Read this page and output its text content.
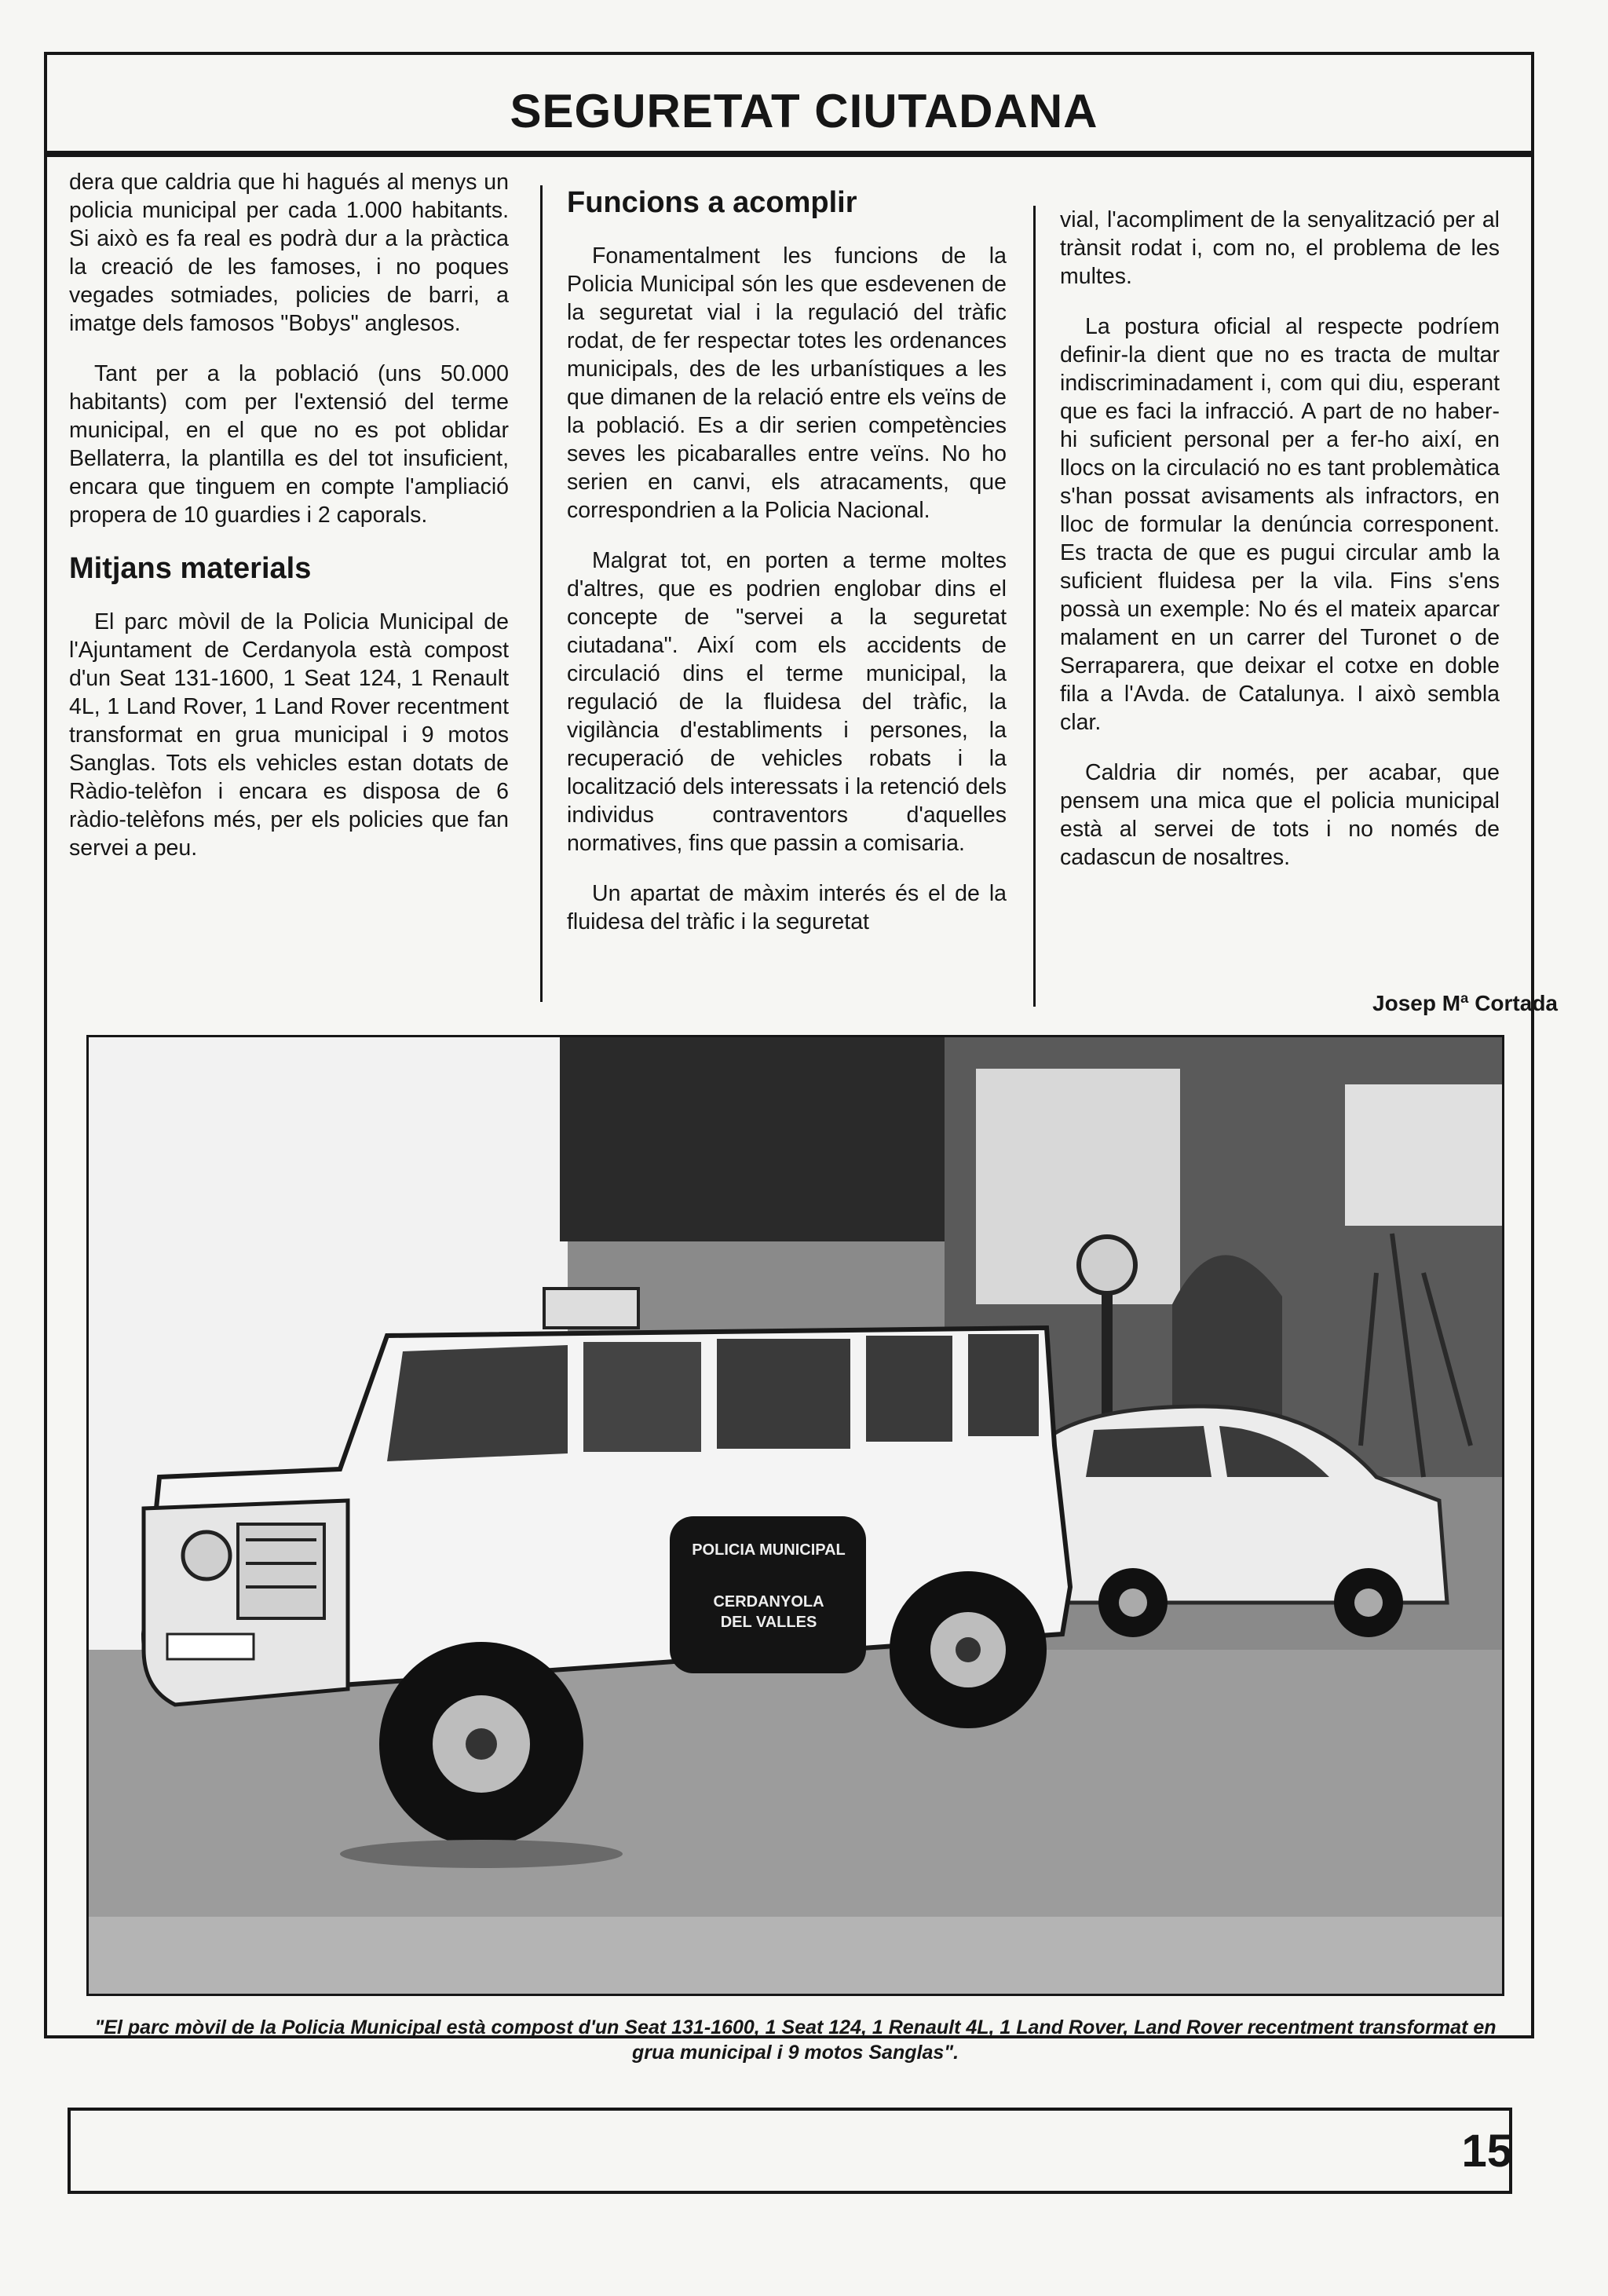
SEGURETAT CIUTADANA

dera que caldria que hi hagués al menys un policia municipal per cada 1.000 habitants. Si això es fa real es podrà dur a la pràctica la creació de les famoses, i no poques vegades sotmiades, policies de barri, a imatge dels famosos "Bobys" anglesos.

Tant per a la població (uns 50.000 habitants) com per l'extensió del terme municipal, en el que no es pot oblidar Bellaterra, la plantilla es del tot insuficient, encara que tinguem en compte l'ampliació propera de 10 guardies i 2 caporals.

Mitjans materials

El parc mòvil de la Policia Municipal de l'Ajuntament de Cerdanyola està compost d'un Seat 131-1600, 1 Seat 124, 1 Renault 4L, 1 Land Rover, 1 Land Rover recentment transformat en grua municipal i 9 motos Sanglas. Tots els vehicles estan dotats de Ràdio-telèfon i encara es disposa de 6 ràdio-telèfons més, per els policies que fan servei a peu.

Funcions a acomplir

Fonamentalment les funcions de la Policia Municipal són les que esdevenen de la seguretat vial i la regulació del tràfic rodat, de fer respectar totes les ordenances municipals, des de les urbanístiques a les que dimanen de la relació entre els veïns de la població. Es a dir serien competències seves les picabaralles entre veïns. No ho serien en canvi, els atracaments, que correspondrien a la Policia Nacional.

Malgrat tot, en porten a terme moltes d'altres, que es podrien englobar dins el concepte de "servei a la seguretat ciutadana". Així com els accidents de circulació dins el terme municipal, la regulació de la fluidesa del tràfic, la vigilància d'establiments i persones, la recuperació de vehicles robats i la localització dels interessats i la retenció dels individus contraventors d'aquelles normatives, fins que passin a comisaria.

Un apartat de màxim interés és el de la fluidesa del tràfic i la seguretat

vial, l'acompliment de la senyalització per al trànsit rodat i, com no, el problema de les multes.

La postura oficial al respecte podríem definir-la dient que no es tracta de multar indiscriminadament i, com qui diu, esperant que es faci la infracció. A part de no haber-hi suficient personal per a fer-ho així, en llocs on la circulació no es tant problemàtica s'han possat avisaments als infractors, en lloc de formular la denúncia corresponent. Es tracta de que es pugui circular amb la suficient fluidesa per la vila. Fins s'ens possà un exemple: No és el mateix aparcar malament en un carrer del Turonet o de Serraparera, que deixar el cotxe en doble fila a l'Avda. de Catalunya. I això sembla clar.

Caldria dir només, per acabar, que pensem una mica que el policia municipal està al servei de tots i no només de cadascun de nosaltres.

Josep Mª Cortada
POLICIA MUNICIPAL
CERDANYOLA
DEL VALLES
"El parc mòvil de la Policia Municipal està compost d'un Seat 131-1600, 1 Seat 124, 1 Renault 4L, 1 Land Rover, Land Rover recentment transformat en grua municipal i 9 motos Sanglas".
15
